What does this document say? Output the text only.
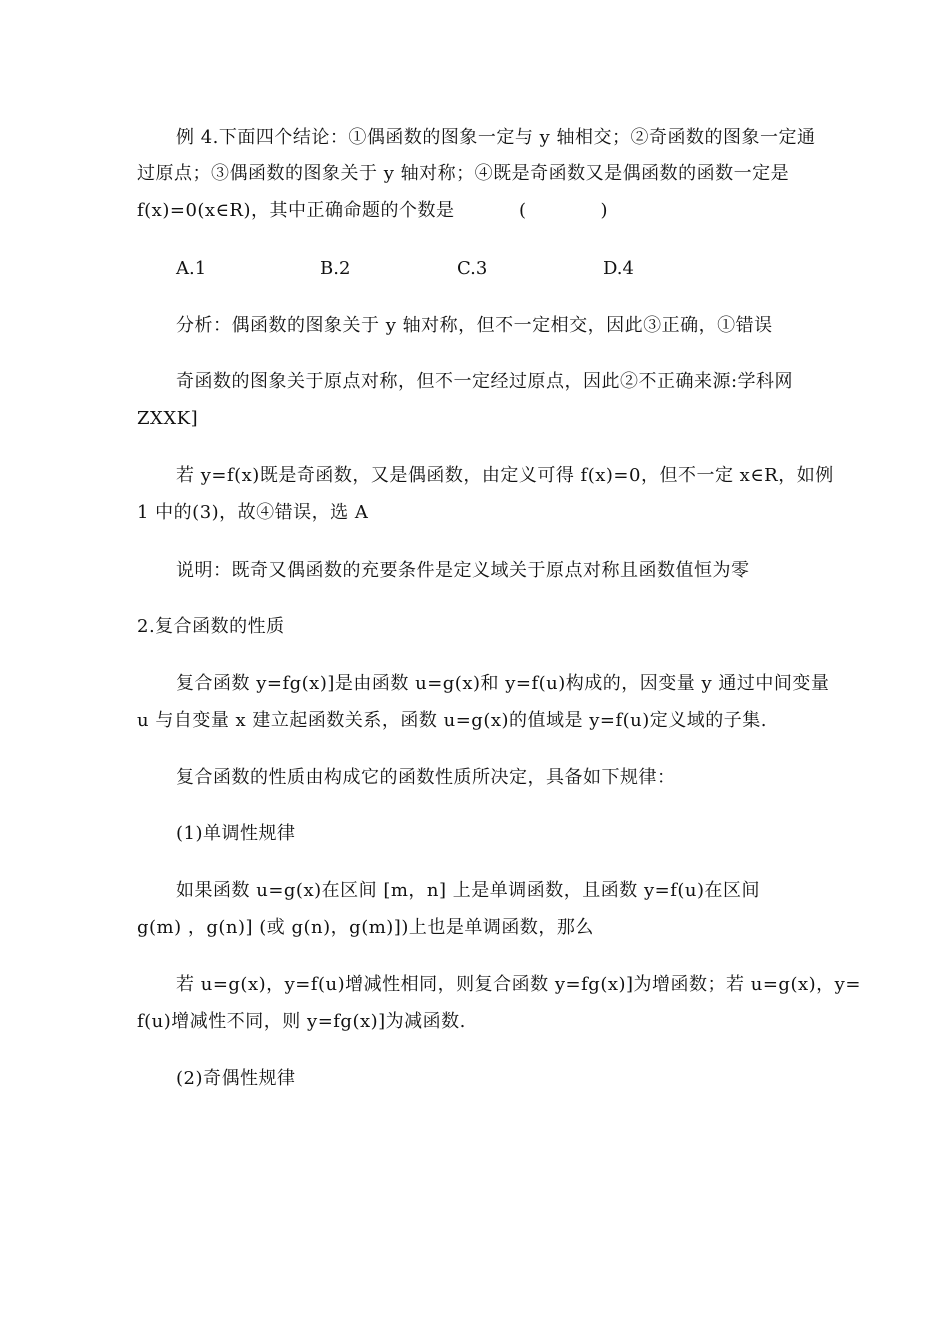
例 4.下面四个结论：①偶函数的图象一定与 y 轴相交；②奇函数的图象一定通
过原点；③偶函数的图象关于 y 轴对称；④既是奇函数又是偶函数的函数一定是
f(x)=0(x∈R)，其中正确命题的个数是	(　　　　)
A.1	B.2	C.3	D.4
分析：偶函数的图象关于 y 轴对称，但不一定相交，因此③正确，①错误
奇函数的图象关于原点对称，但不一定经过原点，因此②不正确来源:学科网
ZXXK]
若 y=f(x)既是奇函数，又是偶函数，由定义可得 f(x)=0，但不一定 x∈R，如例
1 中的(3)，故④错误，选 A
说明：既奇又偶函数的充要条件是定义域关于原点对称且函数值恒为零
2.复合函数的性质
复合函数 y=fg(x)]是由函数 u=g(x)和 y=f(u)构成的，因变量 y 通过中间变量
u 与自变量 x 建立起函数关系，函数 u=g(x)的值域是 y=f(u)定义域的子集.
复合函数的性质由构成它的函数性质所决定，具备如下规律：
(1)单调性规律
如果函数 u=g(x)在区间 [m，n] 上是单调函数，且函数 y=f(u)在区间
g(m) ，g(n)] (或 g(n)，g(m)])上也是单调函数，那么
若 u=g(x)，y=f(u)增减性相同，则复合函数 y=fg(x)]为增函数；若 u=g(x)，y=
f(u)增减性不同，则 y=fg(x)]为减函数.
(2)奇偶性规律
